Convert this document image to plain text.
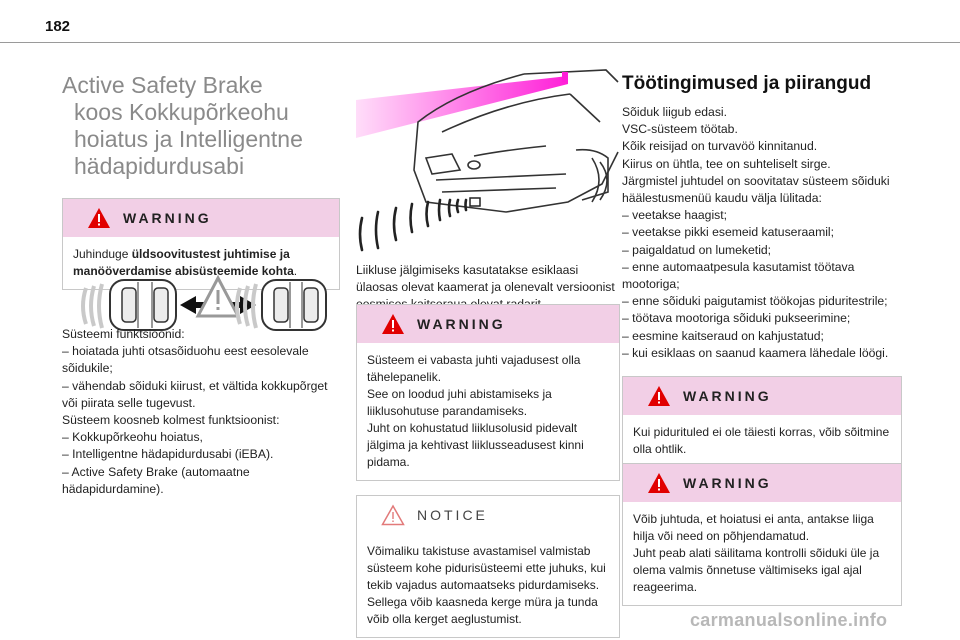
182
Active Safety Brake
koos Kokkupõrkeohu
hoiatus ja Intelligentne
hädapidurdusabi
WARNING
Juhinduge üldsoovitustest juhtimise ja manööverdamise abisüsteemide kohta.

Süsteemi funktsioonid:

– hoiatada juhti otsasõiduohu eest eesolevale sõidukile;

– vähendab sõiduki kiirust, et vältida kokkupõrget või piirata selle tugevust.

Süsteem koosneb kolmest funktsioonist:

– Kokkupõrkeohu hoiatus,

– Intelligentne hädapidurdusabi (iEBA).

– Active Safety Brake (automaatne hädapidurdamine).

Liikluse jälgimiseks kasutatakse esiklaasi ülaosas olevat kaamerat ja olenevalt versioonist

WARNING

Süsteem ei vabasta juhti vajadusest olla tähelepanelik.

See on loodud juhi abistamiseks ja liiklusohutuse parandamiseks.

Juht on kohustatud liiklusolusid pidevalt jälgima ja kehtivast liiklusseadusest kinni pidama.

NOTICE

Võimaliku takistuse avastamisel valmistab süsteem kohe pidurisüsteemi ette juhuks, kui tekib vajadus automaatseks pidurdamiseks. Sellega võib kaasneda kerge müra ja tunda võib olla kerget aeglustumist.

Töötingimused ja piirangud

Sõiduk liigub edasi.

VSC-süsteem töötab.

Kõik reisijad on turvavöö kinnitanud.

Kiirus on ühtla, tee on suhteliselt sirge.

Järgmistel juhtudel on soovitatav süsteem sõiduki häälestusmenüü kaudu välja lülitada:

– veetakse haagist;

– veetakse pikki esemeid katuseraamil;

– paigaldatud on lumeketid;

– enne automaatpesula kasutamist töötava mootoriga;

– enne sõiduki paigutamist töökojas piduritestrile;

– töötava mootoriga sõiduki pukseerimine;

– eesmine kaitseraud on kahjustatud;

– kui esiklaas on saanud kaamera lähedale löögi.

WARNING

Kui pidurituled ei ole täiesti korras, võib sõitmine olla ohtlik.

WARNING

Võib juhtuda, et hoiatusi ei anta, antakse liiga hilja või need on põhjendamatud.

Juht peab alati säilitama kontrolli sõiduki üle ja olema valmis õnnetuse vältimiseks igal ajal reageerima.

carmanualsonline.info
